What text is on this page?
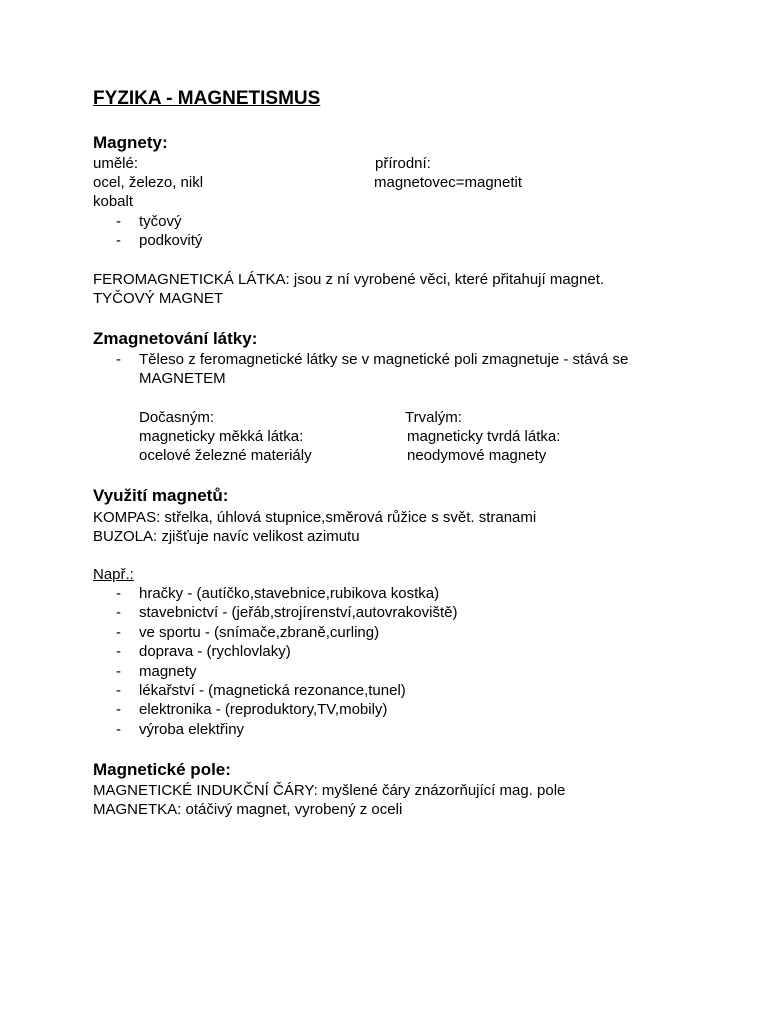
FYZIKA - MAGNETISMUS
Magnety:
umělé:	přírodní:
ocel, železo, nikl	magnetovec=magnetit
kobalt
- tyčový
- podkovitý
FEROMAGNETICKÁ LÁTKA: jsou z ní vyrobené věci, které přitahují magnet.
TYČOVÝ MAGNET
Zmagnetování látky:
- Těleso z feromagnetické látky se v magnetické poli zmagnetuje - stává se
MAGNETEM
Dočasným:	Trvalým:
magneticky měkká látka:	magneticky tvrdá látka:
ocelové železné materiály	neodymové magnety
Využití magnetů:
KOMPAS: střelka, úhlová stupnice,směrová růžice s svět. stranami
BUZOLA: zjišťuje navíc velikost azimutu
Např.:
- hračky - (autíčko,stavebnice,rubikova kostka)
- stavebnictví - (jeřáb,strojírenství,autovrakoviště)
- ve sportu - (snímače,zbraně,curling)
- doprava - (rychlovlaky)
- magnety
- lékařství - (magnetická rezonance,tunel)
- elektronika - (reproduktory,TV,mobily)
- výroba elektřiny
Magnetické pole:
MAGNETICKÉ INDUKČNÍ ČÁRY: myšlené čáry znázorňující mag. pole
MAGNETKA: otáčivý magnet, vyrobený z oceli
